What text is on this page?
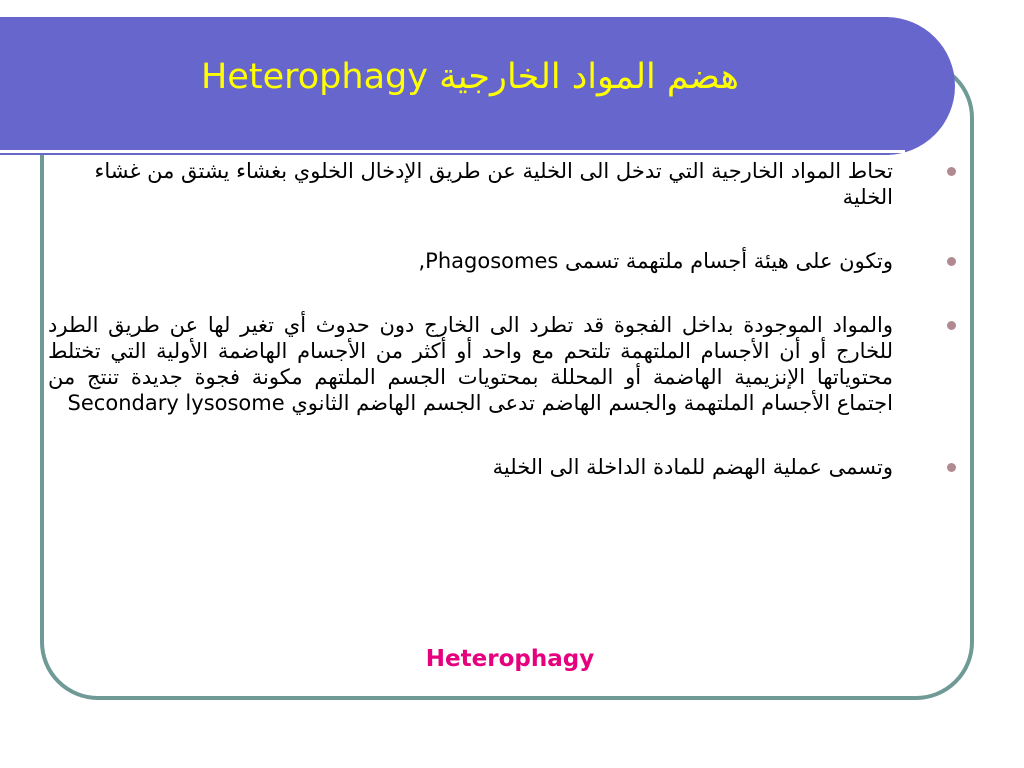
Heterophagy هضم المواد الخارجية
تحاط المواد الخارجية التي تدخل الى الخلية عن طريق الإدخال الخلوي بغشاء يشتق من غشاء الخلية
وتكون على هيئة أجسام ملتهمة تسمى Phagosomes,
والمواد الموجودة بداخل الفجوة قد تطرد الى الخارج دون حدوث أي تغير لها عن طريق الطرد للخارج أو أن الأجسام الملتهمة تلتحم مع واحد أو أكثر من الأجسام الهاضمة الأولية التي تختلط محتوياتها الإنزيمية الهاضمة أو المحللة بمحتويات الجسم الملتهم مكونة فجوة جديدة تنتج من اجتماع الأجسام الملتهمة والجسم الهاضم تدعى الجسم الهاضم الثانوي Secondary lysosome
وتسمى عملية الهضم للمادة الداخلة الى الخلية
Heterophagy
